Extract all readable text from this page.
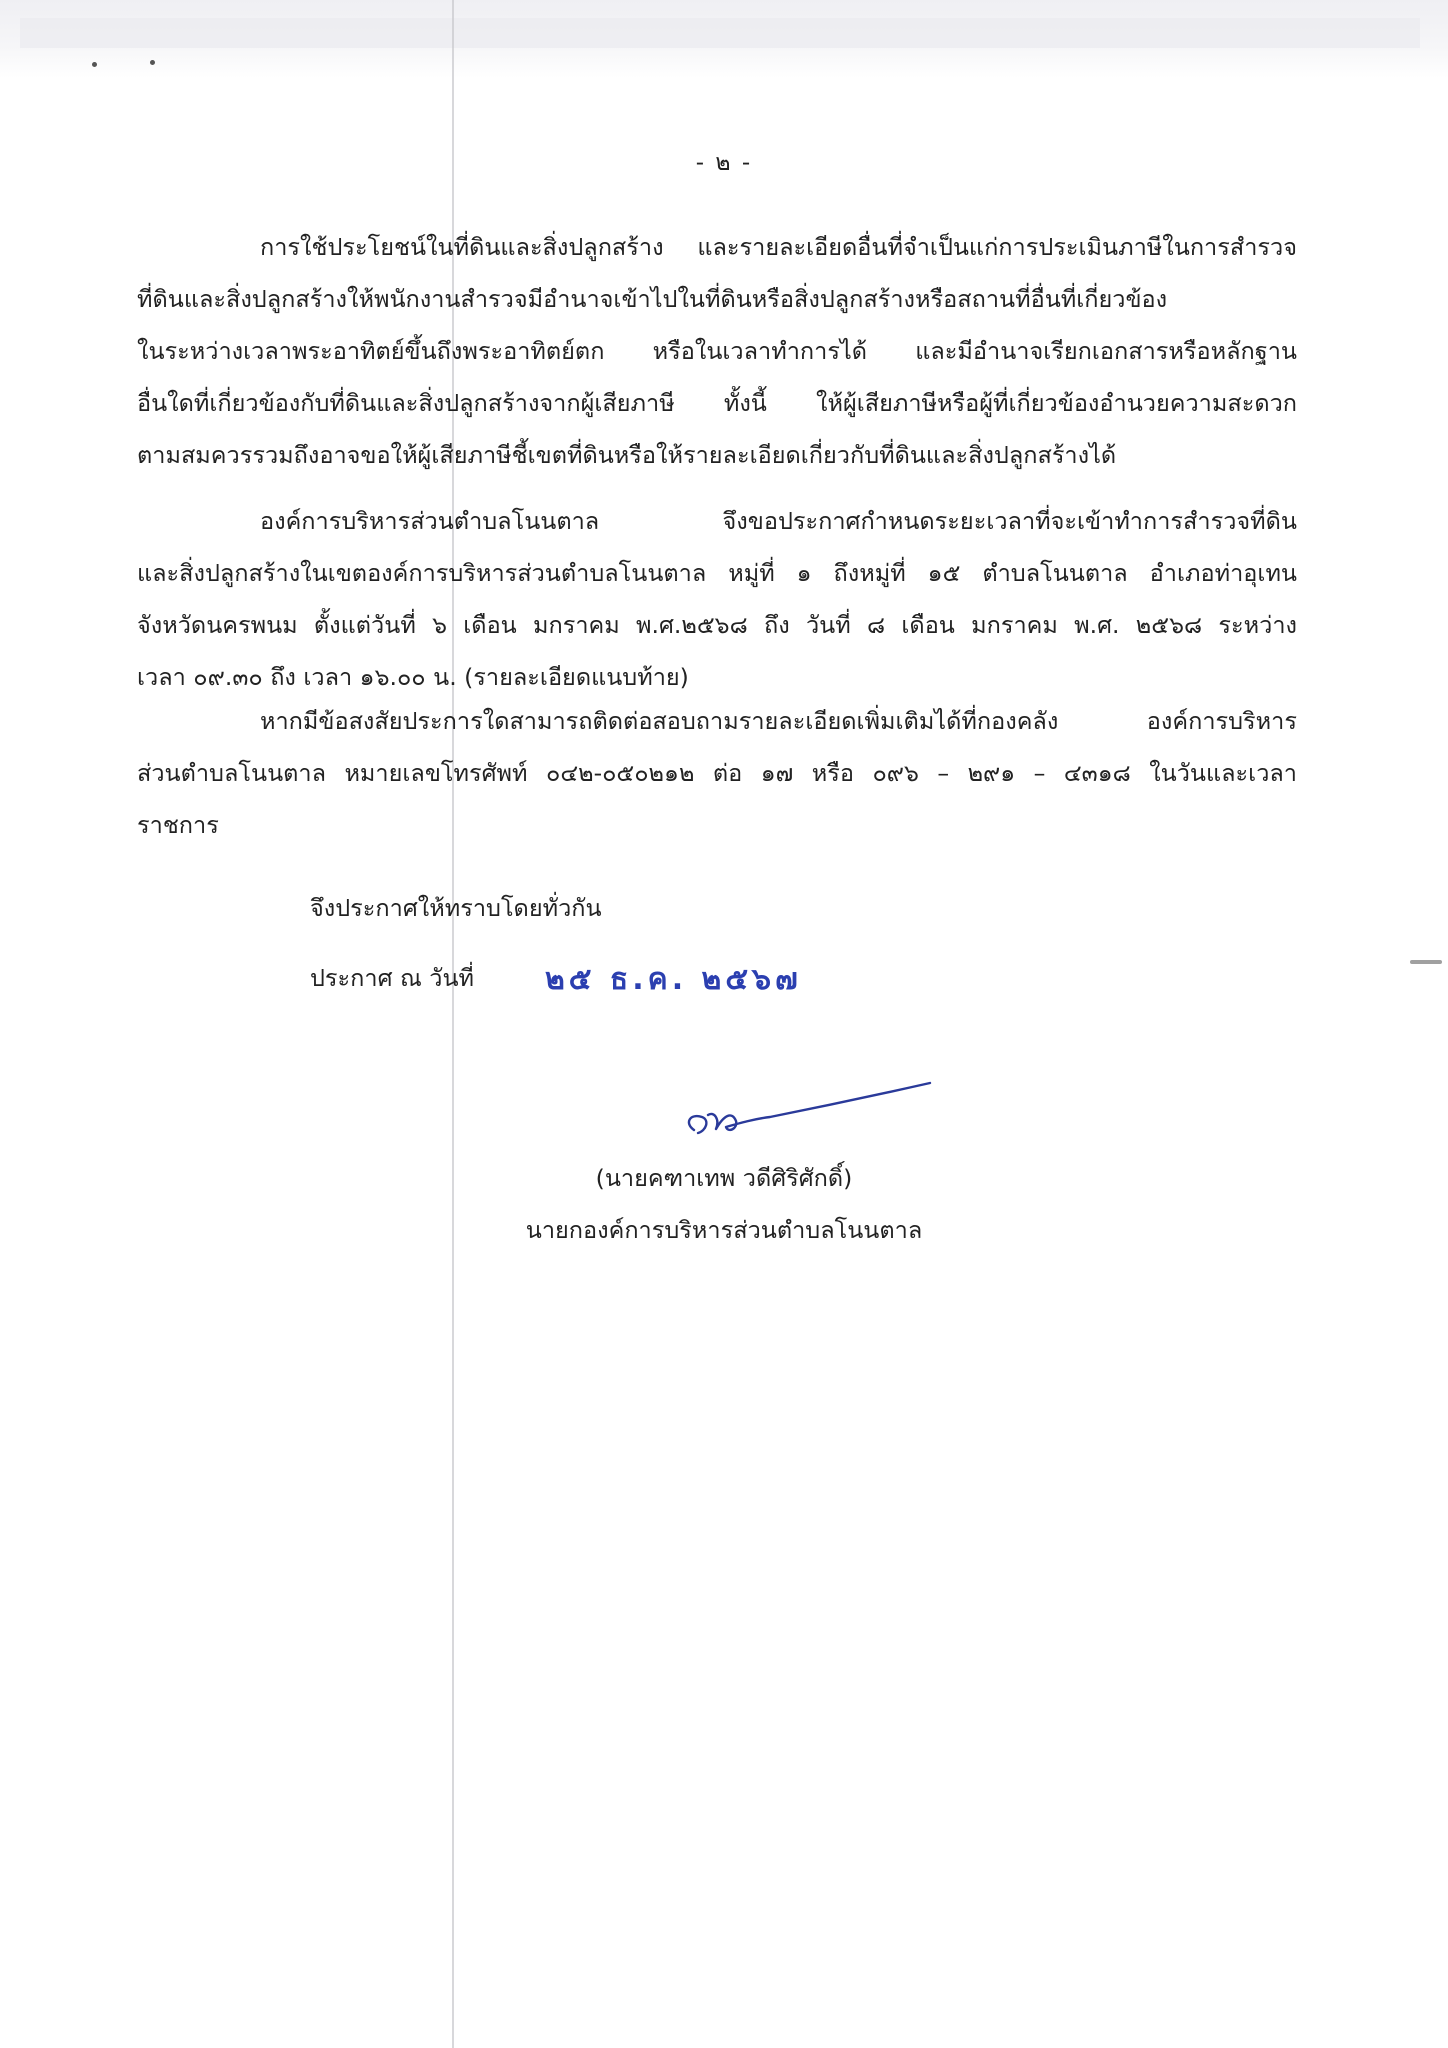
- ๒ -
การใช้ประโยชน์ในที่ดินและสิ่งปลูกสร้าง และรายละเอียดอื่นที่จำเป็นแก่การประเมินภาษีในการสำรวจ
ที่ดินและสิ่งปลูกสร้างให้พนักงานสำรวจมีอำนาจเข้าไปในที่ดินหรือสิ่งปลูกสร้างหรือสถานที่อื่นที่เกี่ยวข้อง
ในระหว่างเวลาพระอาทิตย์ขึ้นถึงพระอาทิตย์ตก หรือในเวลาทำการได้ และมีอำนาจเรียกเอกสารหรือหลักฐาน
อื่นใดที่เกี่ยวข้องกับที่ดินและสิ่งปลูกสร้างจากผู้เสียภาษี ทั้งนี้ ให้ผู้เสียภาษีหรือผู้ที่เกี่ยวข้องอำนวยความสะดวก
ตามสมควรรวมถึงอาจขอให้ผู้เสียภาษีชี้เขตที่ดินหรือให้รายละเอียดเกี่ยวกับที่ดินและสิ่งปลูกสร้างได้
องค์การบริหารส่วนตำบลโนนตาล จึงขอประกาศกำหนดระยะเวลาที่จะเข้าทำการสำรวจที่ดิน
และสิ่งปลูกสร้างในเขตองค์การบริหารส่วนตำบลโนนตาล หมู่ที่ ๑ ถึงหมู่ที่ ๑๕ ตำบลโนนตาล อำเภอท่าอุเทน
จังหวัดนครพนม ตั้งแต่วันที่ ๖ เดือน มกราคม พ.ศ.๒๕๖๘ ถึง วันที่ ๘ เดือน มกราคม พ.ศ. ๒๕๖๘ ระหว่าง
เวลา ๐๙.๓๐ ถึง เวลา ๑๖.๐๐ น. (รายละเอียดแนบท้าย)
หากมีข้อสงสัยประการใดสามารถติดต่อสอบถามรายละเอียดเพิ่มเติมได้ที่กองคลัง องค์การบริหาร
ส่วนตำบลโนนตาล หมายเลขโทรศัพท์ ๐๔๒-๐๕๐๒๑๒ ต่อ ๑๗ หรือ ๐๙๖ – ๒๙๑ – ๔๓๑๘ ในวันและเวลา
ราชการ
จึงประกาศให้ทราบโดยทั่วกัน
ประกาศ ณ วันที่ ๒๕ ธ.ค. ๒๕๖๗
(นายคฑาเทพ วดีศิริศักดิ์)
นายกองค์การบริหารส่วนตำบลโนนตาล
